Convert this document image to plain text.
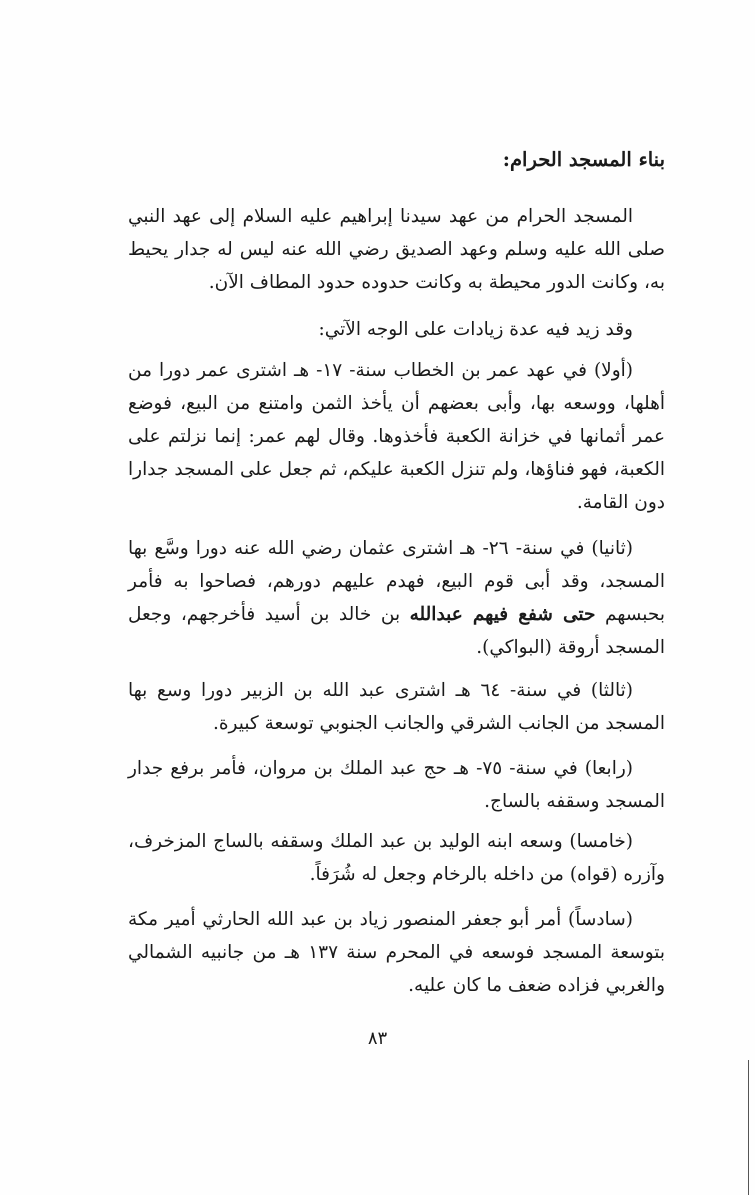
بناء المسجد الحرام:

المسجد الحرام من عهد سيدنا إبراهيم عليه السلام إلى عهد النبي صلى الله عليه وسلم وعهد الصديق رضي الله عنه ليس له جدار يحيط به، وكانت الدور محيطة به وكانت حدوده حدود المطاف الآن.

وقد زيد فيه عدة زيادات على الوجه الآتي:

(أولا) في عهد عمر بن الخطاب سنة- ١٧- هـ اشترى عمر دورا من أهلها، ووسعه بها، وأبى بعضهم أن يأخذ الثمن وامتنع من البيع، فوضع عمر أثمانها في خزانة الكعبة فأخذوها. وقال لهم عمر: إنما نزلتم على الكعبة، فهو فناؤها، ولم تنزل الكعبة عليكم، ثم جعل على المسجد جدارا دون القامة.

(ثانيا) في سنة- ٢٦- هـ اشترى عثمان رضي الله عنه دورا وسَّع بها المسجد، وقد أبى قوم البيع، فهدم عليهم دورهم، فصاحوا به فأمر بحبسهم حتى شفع فيهم عبدالله بن خالد بن أسيد فأخرجهم، وجعل المسجد أروقة (البواكي).

(ثالثا) في سنة- ٦٤ هـ اشترى عبد الله بن الزبير دورا وسع بها المسجد من الجانب الشرقي والجانب الجنوبي توسعة كبيرة.

(رابعا) في سنة- ٧٥- هـ حج عبد الملك بن مروان، فأمر برفع جدار المسجد وسقفه بالساج.

(خامسا) وسعه ابنه الوليد بن عبد الملك وسقفه بالساج المزخرف، وآزره (قواه) من داخله بالرخام وجعل له شُرَفاً.

(سادساً) أمر أبو جعفر المنصور زياد بن عبد الله الحارثي أمير مكة بتوسعة المسجد فوسعه في المحرم سنة ١٣٧ هـ من جانبيه الشمالي والغربي فزاده ضعف ما كان عليه.

٨٣
